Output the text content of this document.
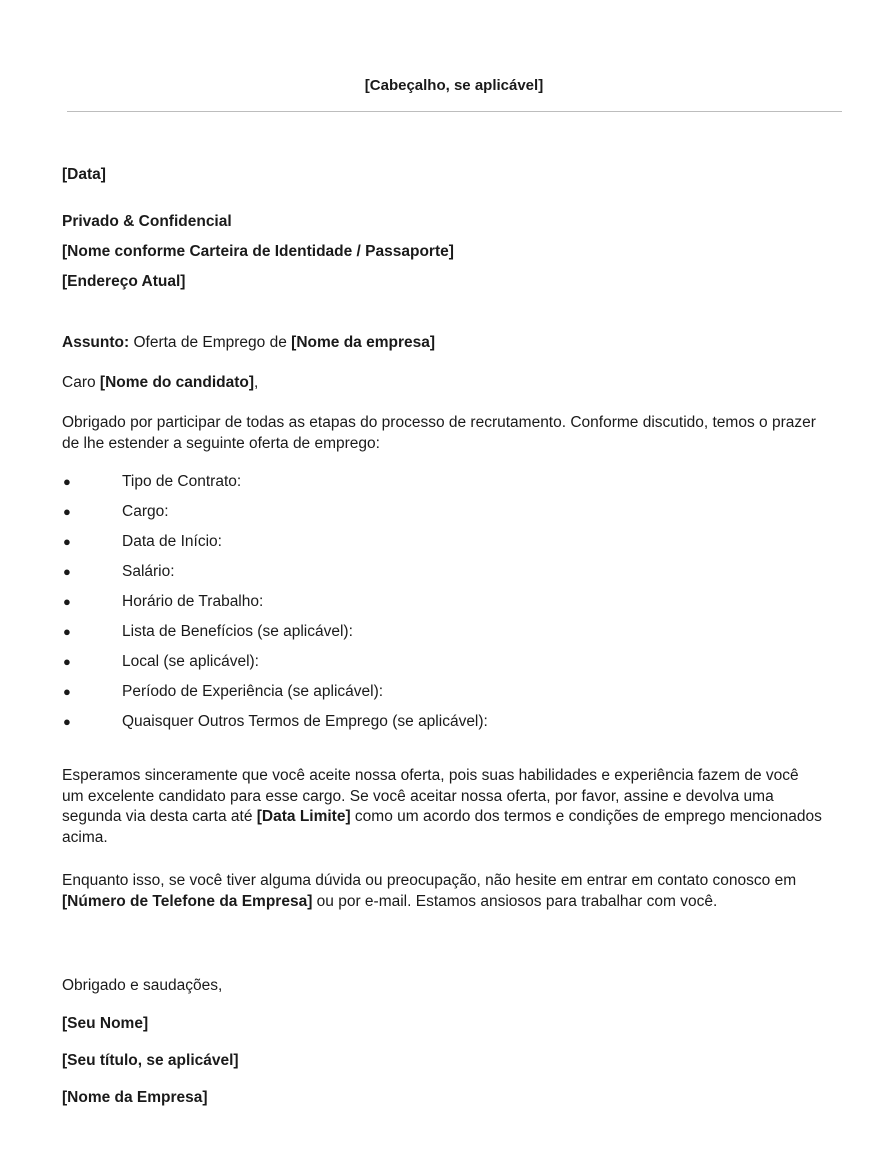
[Cabeçalho, se aplicável]
[Data]
Privado & Confidencial
[Nome conforme Carteira de Identidade / Passaporte]
[Endereço Atual]
Assunto: Oferta de Emprego de [Nome da empresa]
Caro [Nome do candidato],
Obrigado por participar de todas as etapas do processo de recrutamento. Conforme discutido, temos o prazer de lhe estender a seguinte oferta de emprego:
●	Tipo de Contrato:
●	Cargo:
●	Data de Início:
●	Salário:
●	Horário de Trabalho:
●	Lista de Benefícios (se aplicável):
●	Local (se aplicável):
●	Período de Experiência (se aplicável):
●	Quaisquer Outros Termos de Emprego (se aplicável):
Esperamos sinceramente que você aceite nossa oferta, pois suas habilidades e experiência fazem de você um excelente candidato para esse cargo. Se você aceitar nossa oferta, por favor, assine e devolva uma segunda via desta carta até [Data Limite] como um acordo dos termos e condições de emprego mencionados acima.
Enquanto isso, se você tiver alguma dúvida ou preocupação, não hesite em entrar em contato conosco em [Número de Telefone da Empresa] ou por e-mail. Estamos ansiosos para trabalhar com você.
Obrigado e saudações,
[Seu Nome]
[Seu título, se aplicável]
[Nome da Empresa]
